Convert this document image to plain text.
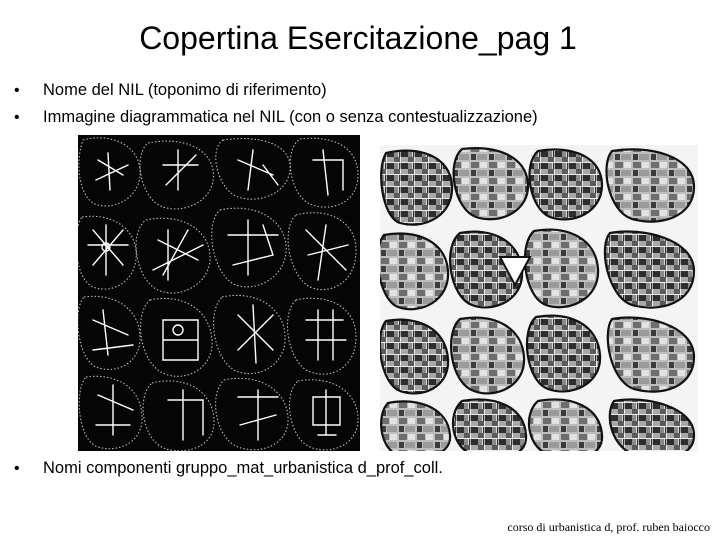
Copertina Esercitazione_pag 1
•	Nome del NIL (toponimo di riferimento)
•	Immagine diagrammatica nel NIL (con o senza contestualizzazione)
•	Nomi componenti gruppo_mat_urbanistica d_prof_coll.
corso di urbanistica d, prof. ruben baiocco
